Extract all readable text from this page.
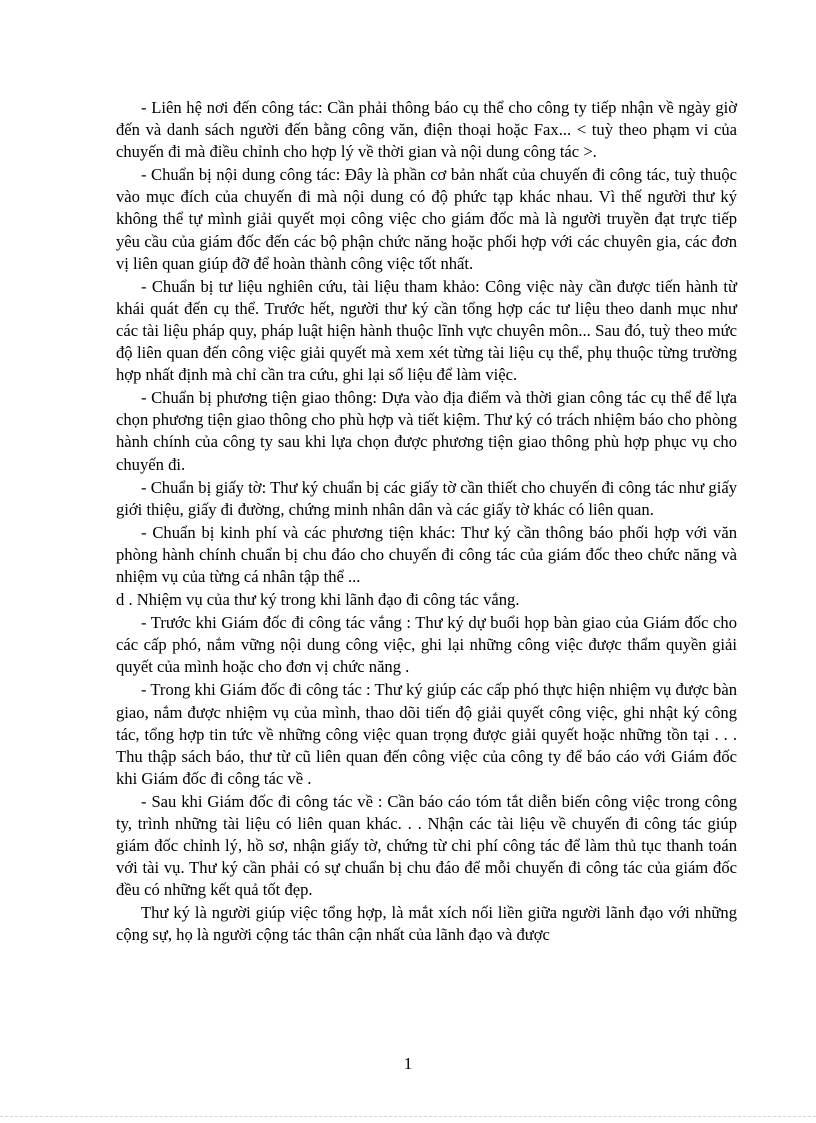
- Liên hệ nơi đến công tác: Cần phải thông báo cụ thể cho công ty tiếp nhận về ngày giờ đến và danh sách người đến bằng công văn, điện thoại hoặc Fax... < tuỳ theo phạm vi của chuyến đi mà điều chỉnh cho hợp lý về thời gian và nội dung công tác >.

- Chuẩn bị nội dung công tác: Đây là phần cơ bản nhất của chuyến đi công tác, tuỳ thuộc vào mục đích của chuyến đi mà nội dung có độ phức tạp khác nhau. Vì thế người thư ký không thể tự mình giải quyết mọi công việc cho giám đốc mà là người truyền đạt trực tiếp yêu cầu của giám đốc đến các bộ phận chức năng hoặc phối hợp với các chuyên gia, các đơn vị liên quan giúp đỡ để hoàn thành công việc tốt nhất.

- Chuẩn bị tư liệu nghiên cứu, tài liệu tham khảo: Công việc này cần được tiến hành từ khái quát đến cụ thể. Trước hết, người thư ký cần tổng hợp các tư liệu theo danh mục như các tài liệu pháp quy, pháp luật hiện hành thuộc lĩnh vực chuyên môn... Sau đó, tuỳ theo mức độ liên quan đến công việc giải quyết mà xem xét từng tài liệu cụ thể, phụ thuộc từng trường hợp nhất định mà chỉ cần tra cứu, ghi lại số liệu để làm việc.

- Chuẩn bị phương tiện giao thông: Dựa vào địa điểm và thời gian công tác cụ thể để lựa chọn phương tiện giao thông cho phù hợp và tiết kiệm. Thư ký có trách nhiệm báo cho phòng hành chính của công ty sau khi lựa chọn được phương tiện giao thông phù hợp phục vụ cho chuyến đi.

- Chuẩn bị giấy tờ: Thư ký chuẩn bị các giấy tờ cần thiết cho chuyến đi công tác như giấy giới thiệu, giấy đi đường, chứng minh nhân dân và các giấy tờ khác có liên quan.

- Chuẩn bị kinh phí và các phương tiện khác: Thư ký cần thông báo phối hợp với văn phòng hành chính chuẩn bị chu đáo cho chuyến đi công tác của giám đốc theo chức năng và nhiệm vụ của từng cá nhân tập thể ...

d . Nhiệm vụ của thư ký trong khi lãnh đạo đi công tác vắng.

- Trước khi Giám đốc đi công tác vắng : Thư ký dự buổi họp bàn giao của Giám đốc cho các cấp phó, nắm vững nội dung công việc, ghi lại những công việc được thẩm quyền giải quyết của mình hoặc cho đơn vị chức năng .

- Trong khi Giám đốc đi công tác : Thư ký giúp các cấp phó thực hiện nhiệm vụ được bàn giao, nắm được nhiệm vụ của mình, thao dõi tiến độ giải quyết công việc, ghi nhật ký công tác, tổng hợp tin tức về những công việc quan trọng được giải quyết hoặc những tồn tại . . . Thu thập sách báo, thư từ cũ liên quan đến công việc của công ty để báo cáo với Giám đốc khi Giám đốc đi công tác về .

- Sau khi Giám đốc đi công tác về : Cần báo cáo tóm tắt diễn biến công việc trong công ty, trình những tài liệu có liên quan khác. . . Nhận các tài liệu về chuyến đi công tác giúp giám đốc chỉnh lý, hồ sơ, nhận giấy tờ, chứng từ chi phí công tác để làm thủ tục thanh toán với tài vụ. Thư ký cần phải có sự chuẩn bị chu đáo để mỗi chuyến đi công tác của giám đốc đều có những kết quả tốt đẹp.

Thư ký là người giúp việc tổng hợp, là mắt xích nối liền giữa người lãnh đạo với những cộng sự, họ là người cộng tác thân cận nhất của lãnh đạo và được

1
